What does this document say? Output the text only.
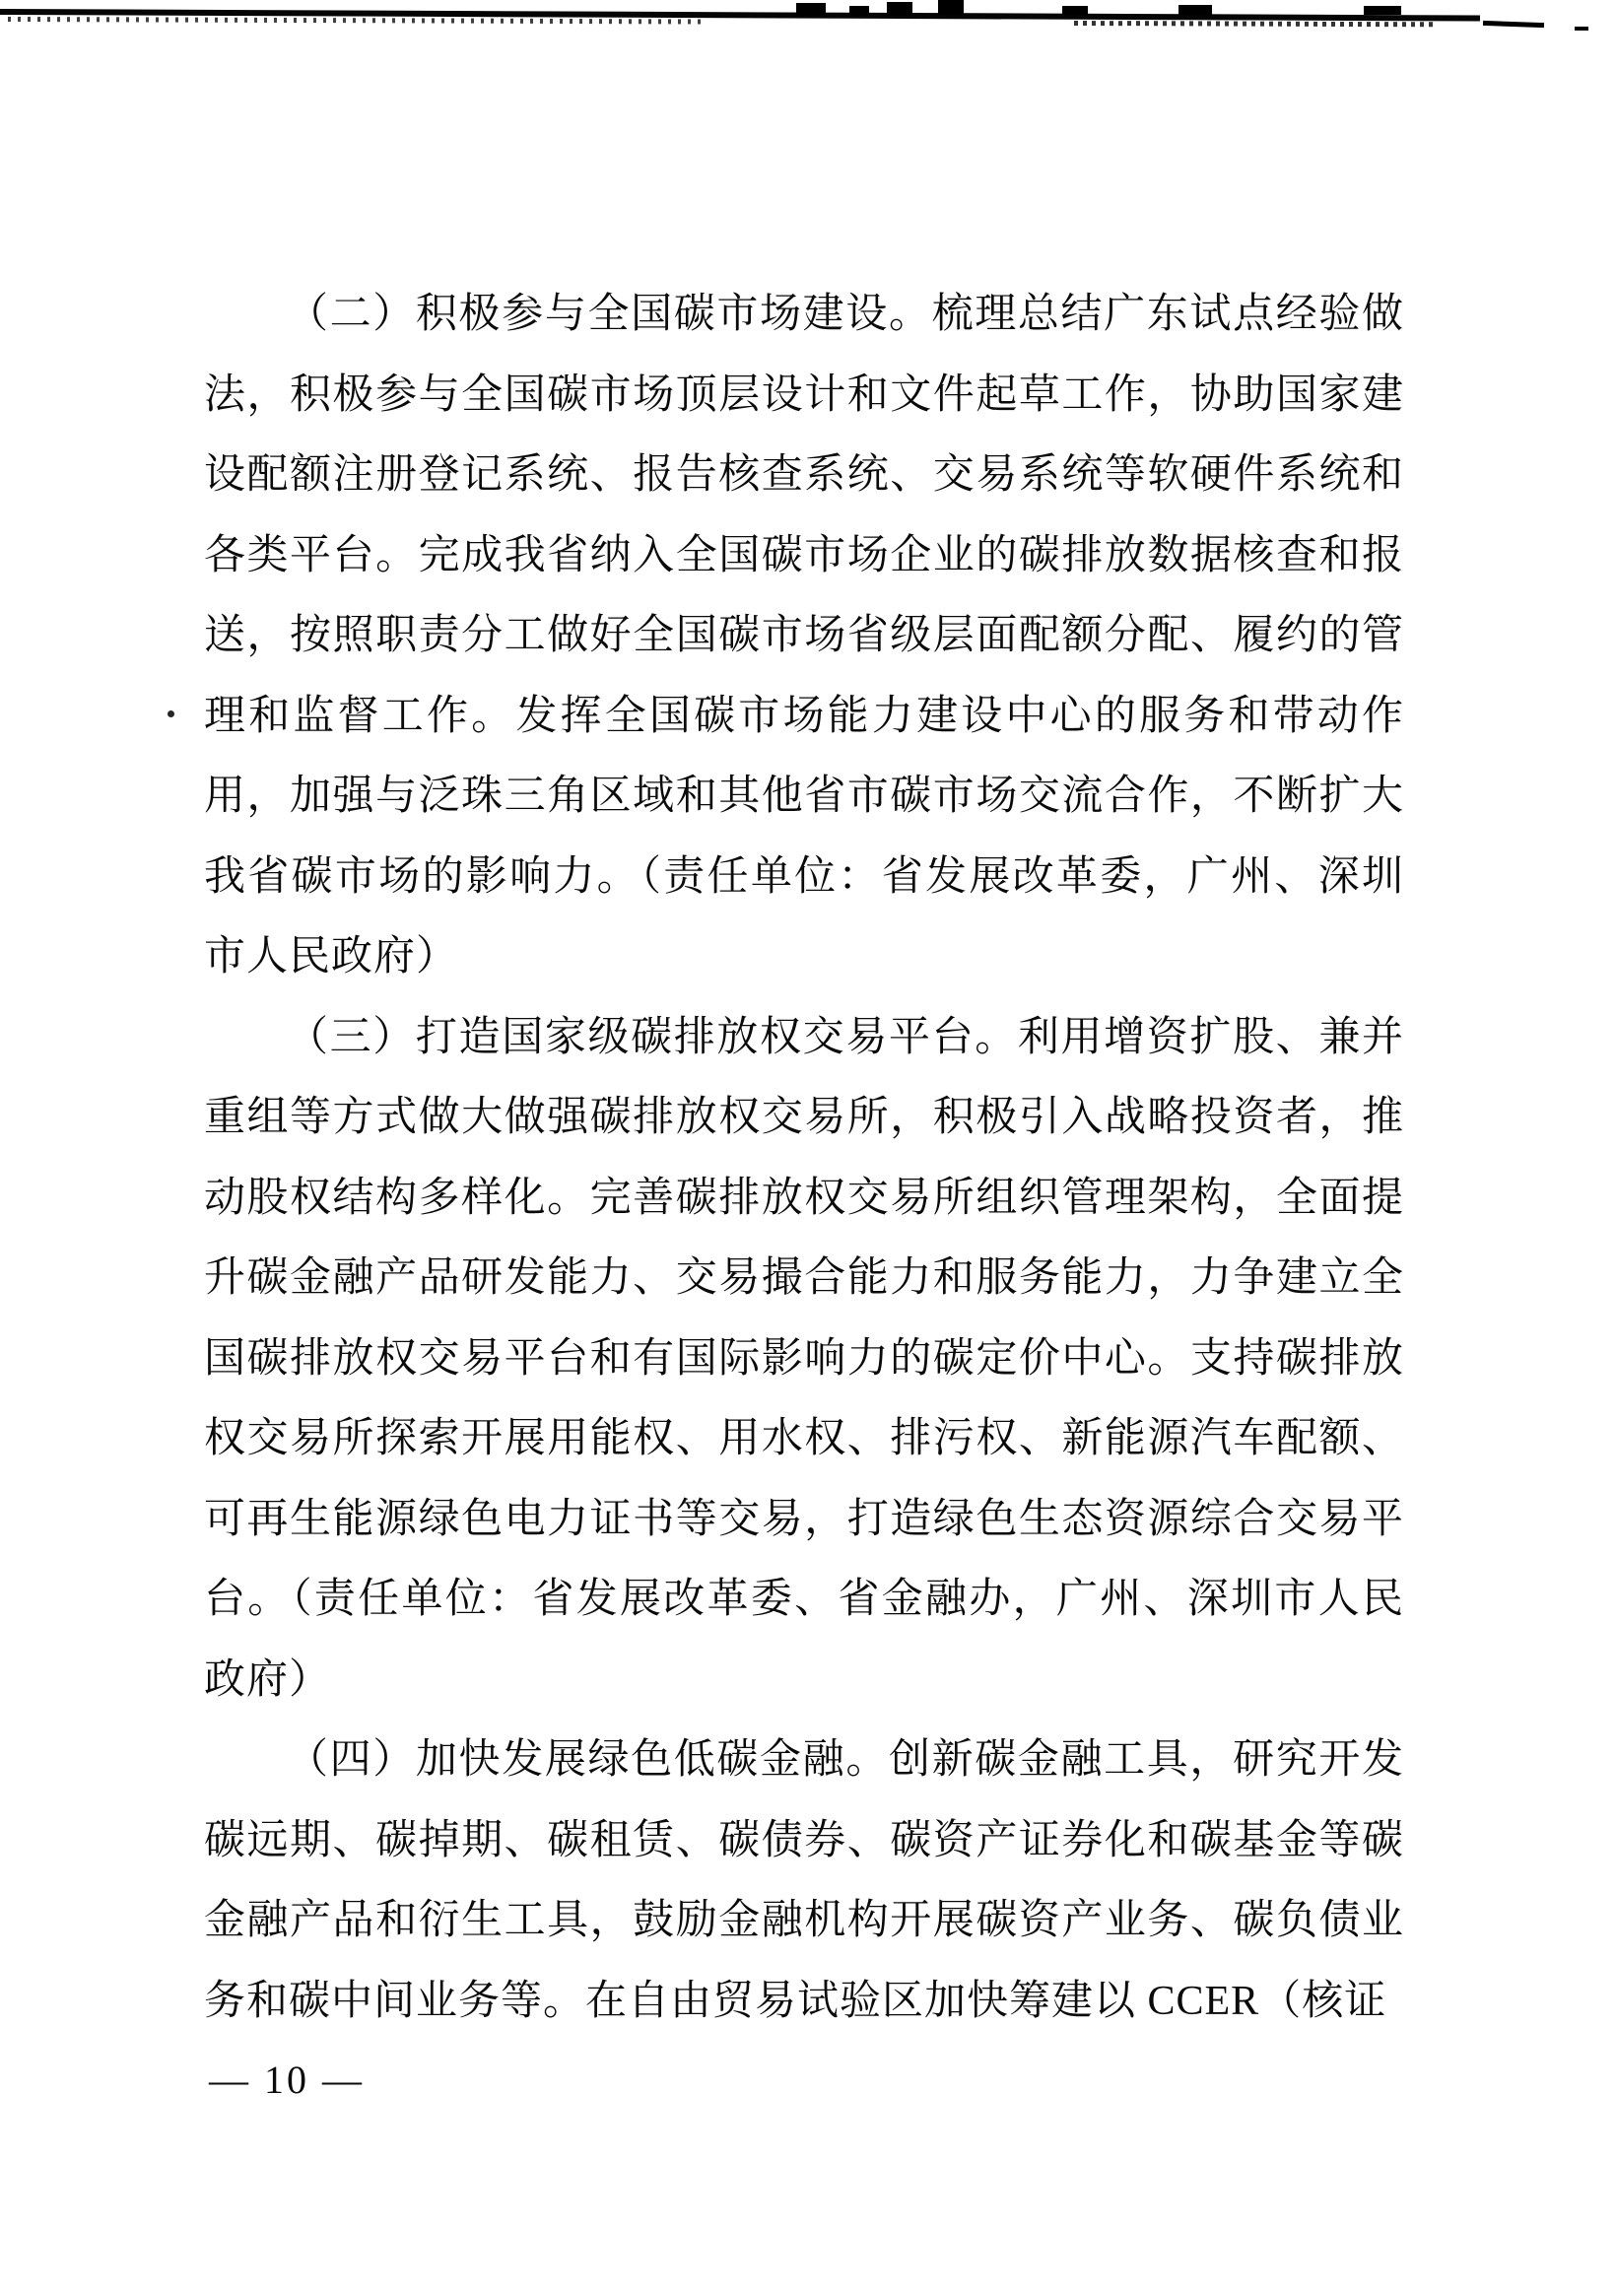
（二）积极参与全国碳市场建设。梳理总结广东试点经验做
法，积极参与全国碳市场顶层设计和文件起草工作，协助国家建
设配额注册登记系统、报告核查系统、交易系统等软硬件系统和
各类平台。完成我省纳入全国碳市场企业的碳排放数据核查和报
送，按照职责分工做好全国碳市场省级层面配额分配、履约的管
理和监督工作。发挥全国碳市场能力建设中心的服务和带动作
用，加强与泛珠三角区域和其他省市碳市场交流合作，不断扩大
我省碳市场的影响力。（责任单位：省发展改革委，广州、深圳
市人民政府）
（三）打造国家级碳排放权交易平台。利用增资扩股、兼并
重组等方式做大做强碳排放权交易所，积极引入战略投资者，推
动股权结构多样化。完善碳排放权交易所组织管理架构，全面提
升碳金融产品研发能力、交易撮合能力和服务能力，力争建立全
国碳排放权交易平台和有国际影响力的碳定价中心。支持碳排放
权交易所探索开展用能权、用水权、排污权、新能源汽车配额、
可再生能源绿色电力证书等交易，打造绿色生态资源综合交易平
台。（责任单位：省发展改革委、省金融办，广州、深圳市人民
政府）
（四）加快发展绿色低碳金融。创新碳金融工具，研究开发
碳远期、碳掉期、碳租赁、碳债券、碳资产证券化和碳基金等碳
金融产品和衍生工具，鼓励金融机构开展碳资产业务、碳负债业
务和碳中间业务等。在自由贸易试验区加快筹建以 CCER（核证
— 10 —
